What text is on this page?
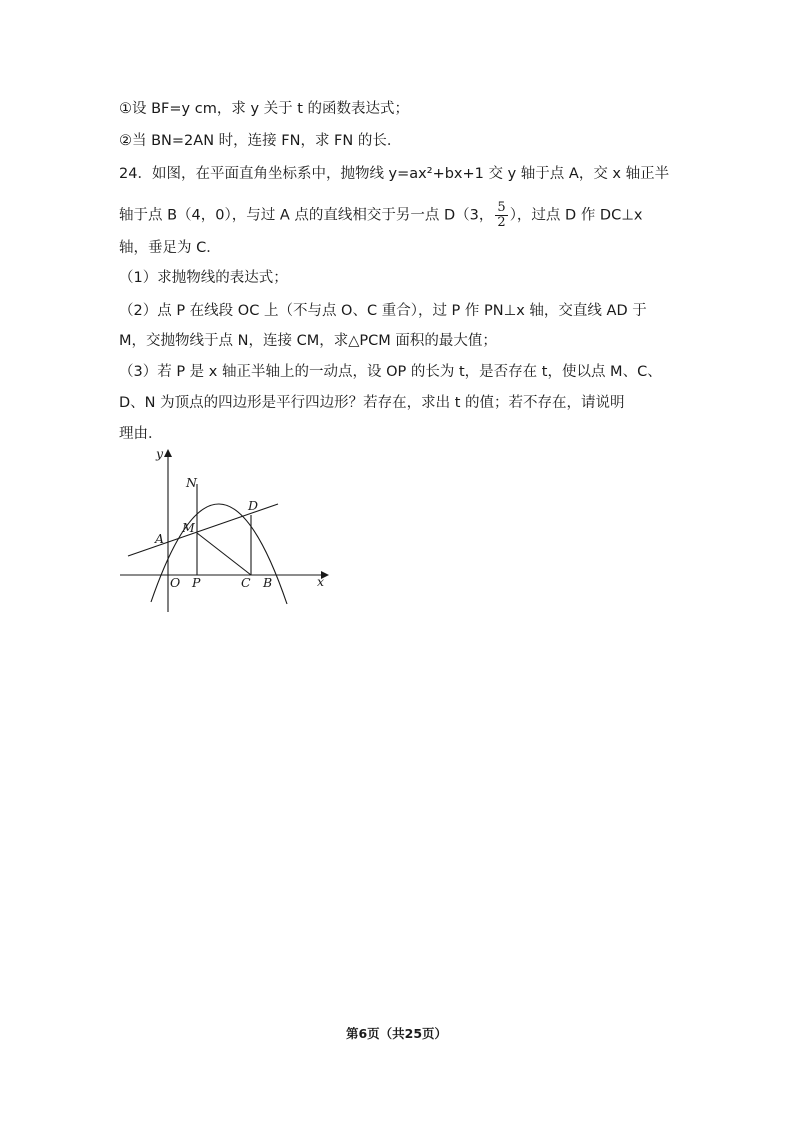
①设 BF=y cm，求 y 关于 t 的函数表达式；
②当 BN=2AN 时，连接 FN，求 FN 的长．
24．如图，在平面直角坐标系中，抛物线 y=ax²+bx+1 交 y 轴于点 A，交 x 轴正半
轴于点 B（4，0），与过 A 点的直线相交于另一点 D（3， $\frac{5}{2}$ ），过点 D 作 DC⊥x
轴，垂足为 C．
（1）求抛物线的表达式；
（2）点 P 在线段 OC 上（不与点 O、C 重合），过 P 作 PN⊥x 轴，交直线 AD 于
M，交抛物线于点 N，连接 CM，求△PCM 面积的最大值；
（3）若 P 是 x 轴正半轴上的一动点，设 OP 的长为 t，是否存在 t，使以点 M、C、
D、N 为顶点的四边形是平行四边形？若存在，求出 t 的值；若不存在，请说明
理由．
y
x
N
D
M
A
O P	C B
第6页（共25页）
